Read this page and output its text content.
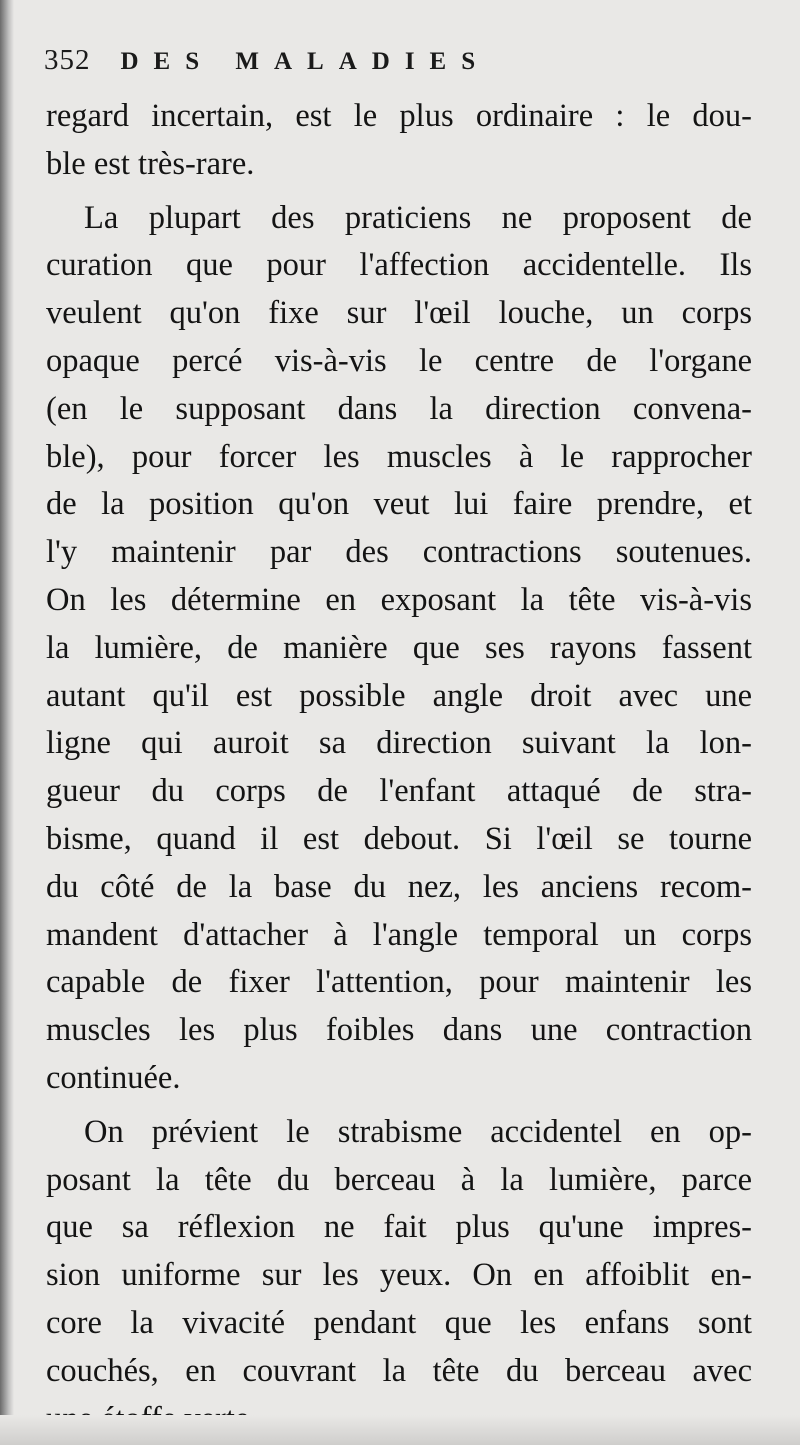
352 DES MALADIES
regard incertain, est le plus ordinaire : le dou-
ble est très-rare.
La plupart des praticiens ne proposent de
curation que pour l'affection accidentelle. Ils
veulent qu'on fixe sur l'œil louche, un corps
opaque percé vis-à-vis le centre de l'organe
(en le supposant dans la direction convena-
ble), pour forcer les muscles à le rapprocher
de la position qu'on veut lui faire prendre, et
l'y maintenir par des contractions soutenues.
On les détermine en exposant la tête vis-à-vis
la lumière, de manière que ses rayons fassent
autant qu'il est possible angle droit avec une
ligne qui auroit sa direction suivant la lon-
gueur du corps de l'enfant attaqué de stra-
bisme, quand il est debout. Si l'œil se tourne
du côté de la base du nez, les anciens recom-
mandent d'attacher à l'angle temporal un corps
capable de fixer l'attention, pour maintenir les
muscles les plus foibles dans une contraction
continuée.
On prévient le strabisme accidentel en op-
posant la tête du berceau à la lumière, parce
que sa réflexion ne fait plus qu'une impres-
sion uniforme sur les yeux. On en affoiblit en-
core la vivacité pendant que les enfans sont
couchés, en couvrant la tête du berceau avec
